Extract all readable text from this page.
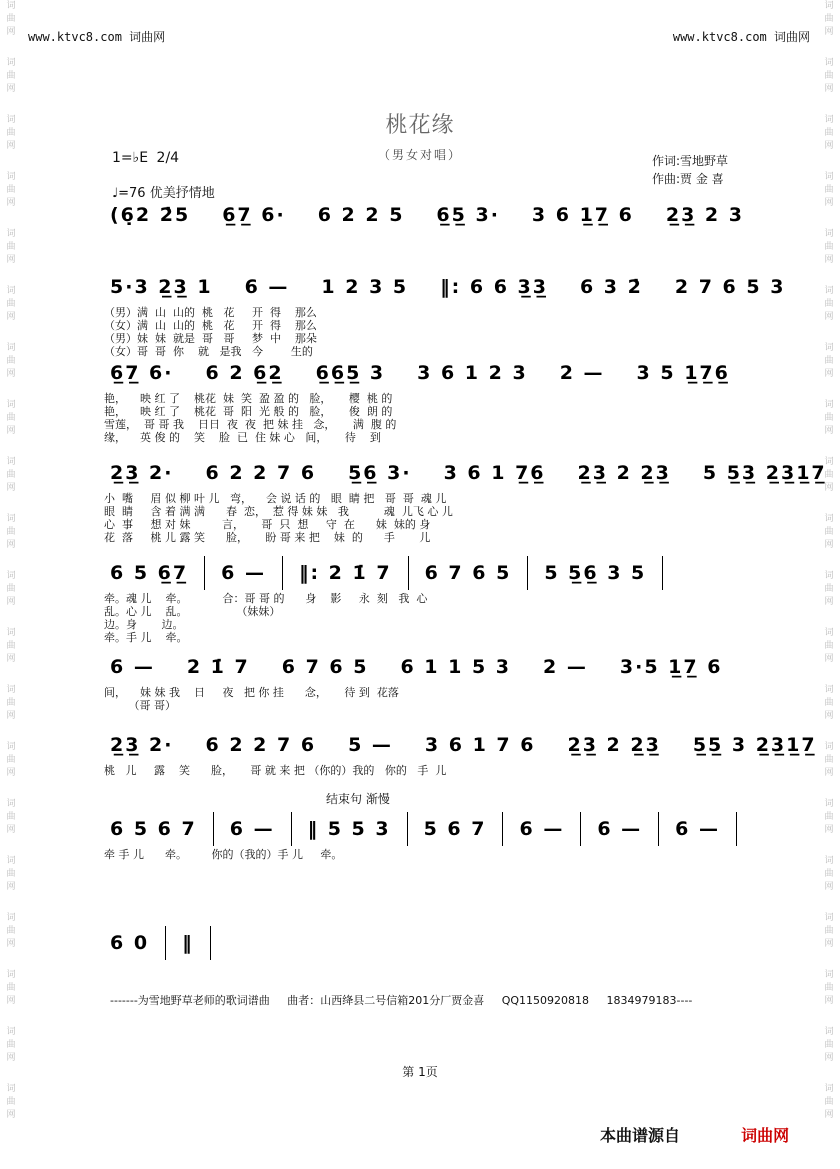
词
曲
网
词
曲
网
词
曲
网
词
曲
网
词
曲
网
词
曲
网
词
曲
网
词
曲
网
词
曲
网
词
曲
网
词
曲
网
词
曲
网
词
曲
网
词
曲
网
词
曲
网
词
曲
网
词
曲
网
词
曲
网
词
曲
网
词
曲
网
词
曲
网
词
曲
网
词
曲
网
词
曲
网
词
曲
网
词
曲
网
词
曲
网
词
曲
网
词
曲
网
词
曲
网
词
曲
网
词
曲
网
词
曲
网
词
曲
网
词
曲
网
词
曲
网
词
曲
网
词
曲
网
词
曲
网
词
曲
网
www.ktvc8.com 词曲网	www.ktvc8.com 词曲网
桃花缘
（男女对唱）
1=♭E 2/4
♩=76 优美抒情地
作词:雪地野草
作曲:贾 金 喜
(6̣2 2̇5	6̲7̲ 6·	6 2 2 5	6̲5̲ 3·	3 6 1̲7̲ 6	2̲3̲ 2 3
5·3 2̲3̲ 1	6 —	1 2 3 5	‖: 6 6 3̲3̲	6 3 2̇	2 7 6 5 3
（男）满  山  山的  桃   花     开  得    那么
（女）满  山  山的  桃   花     开  得    那么
（男）妹  妹  就是  哥   哥     梦  中    那朵
（女）哥  哥  你    就   是我   今        生的
6̲7̲ 6·	6 2 6̲2̲	6̲6̲5̲ 3	3 6 1 2 3	2 —	3 5 1̲7̲6̲
艳，    映 红 了    桃花  妹  笑  盈 盈 的   脸，     樱  桃 的
艳，    映 红 了    桃花  哥  阳  光 般 的   脸，     俊  朗 的
雪莲，  哥 哥 我    日日  夜  夜  把 妹 挂   念，     满  腹 的
缘，    英 俊 的    笑    脸  已  住 妹 心   间，     待    到
2̲3̲ 2·	6 2 2 7 6	5̲6̲ 3·	3 6 1 7̲6̲	2̲3̲ 2 2̲3̲	5 5̲3̲ 2̲3̲1̲7̲
小  嘴     眉 似 柳 叶 儿   弯，    会 说 话 的   眼  睛 把   哥  哥  魂 儿
眼  睛     含 着 满 满      春  恋，  惹 得 妹 妹   我          魂  儿飞 心 儿
心  事     想 对 妹         言，     哥  只  想     守  在      妹  妹的 身
花  落     桃 儿 露 笑      脸，     盼 哥 来 把    妹  的      手       儿
6 5 6̲7̲	6 —	‖: 2 1̇ 7	6 7 6 5	5 5̲6̲ 3 5
牵。魂 儿    牵。          合：哥 哥 的      身    影     永  刻   我  心
乱。心 儿    乱。              （妹妹）
边。身       边。
牵。手 儿    牵。
6 —	2 1̇ 7	6 7 6 5	6 1 1 5 3	2 —	3·5 1̲7̲ 6
间，    妹 妹 我    日     夜   把 你 挂      念，     待 到  花落
（哥 哥）
2̲3̲ 2·	6 2 2 7 6	5 —	3 6 1 7 6	2̲3̲ 2 2̲3̲	5̲5̲ 3 2̲3̲1̲7̲
桃   儿     露    笑      脸，     哥 就 来 把 （你的）我的   你的   手  儿
结束句 渐慢
6 5 6 7	6 —	‖ 5 5 3	5 6 7	6 —	6 —	6 —
牵 手 儿      牵。       你的（我的）手 儿     牵。
6 0	‖
-------为雪地野草老师的歌词谱曲     曲者：山西绛县二号信箱201分厂贾金喜     QQ1150920818     1834979183----
第 1页
本曲谱源自	词曲网
